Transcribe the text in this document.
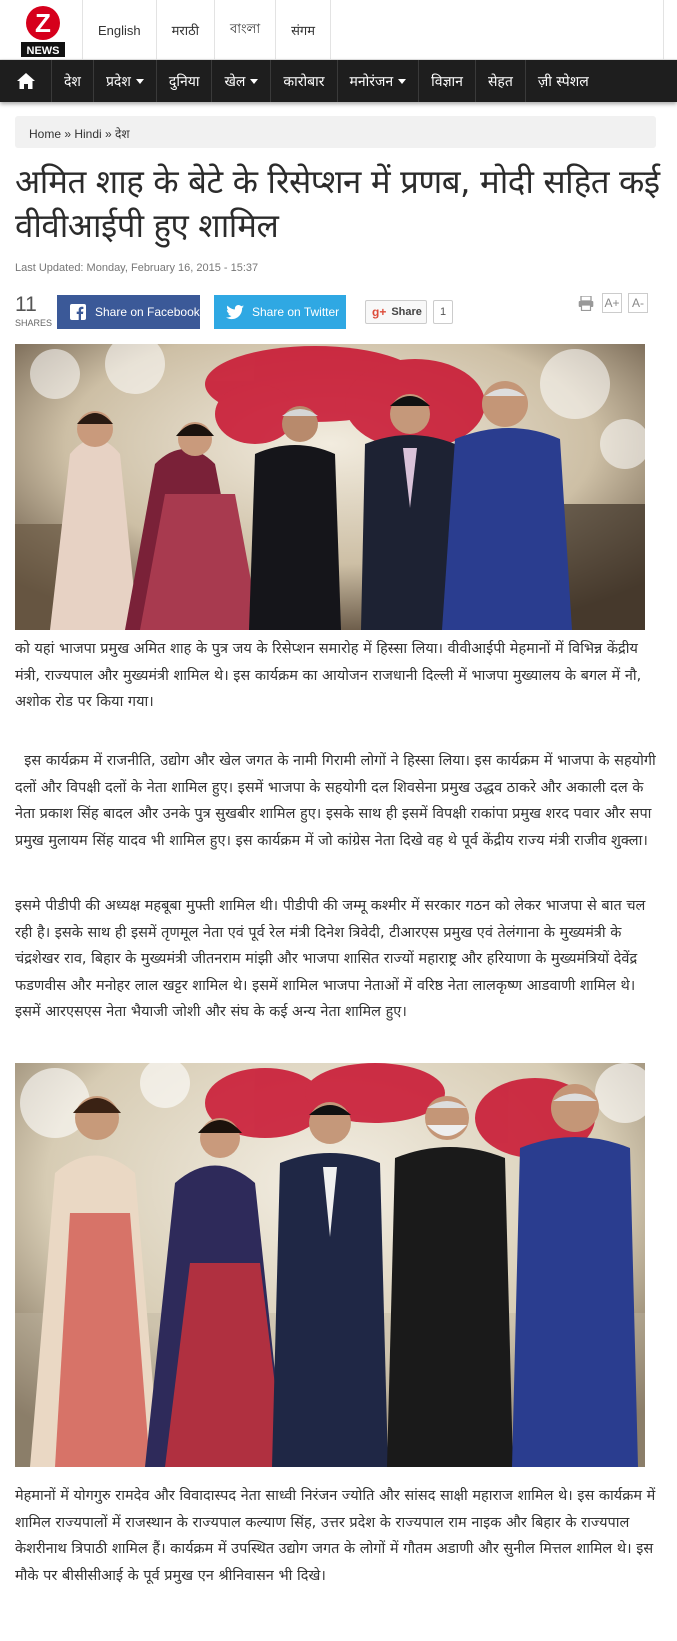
Z
NEWS
English	मराठी	বাংলা	संगम
देश प्रदेश	दुनिया खेल	कारोबार मनोरंजन	विज्ञान सेहत ज़ी स्पेशल
Home » Hindi » देश
अमित शाह के बेटे के रिसेप्शन में प्रणब, मोदी सहित कई वीवीआईपी हुए शामिल
Last Updated: Monday, February 16, 2015 - 15:37
11
SHARES
Share on Facebook	Share on Twitter	g+ Share	1
A+	A-

को यहां भाजपा प्रमुख अमित शाह के पुत्र जय के रिसेप्शन समारोह में हिस्सा लिया। वीवीआईपी मेहमानों में विभिन्न केंद्रीय मंत्री, राज्यपाल और मुख्यमंत्री शामिल थे। इस कार्यक्रम का आयोजन राजधानी दिल्ली में भाजपा मुख्यालय के बगल में नौ, अशोक रोड पर किया गया।

इस कार्यक्रम में राजनीति, उद्योग और खेल जगत के नामी गिरामी लोगों ने हिस्सा लिया। इस कार्यक्रम में भाजपा के सहयोगी दलों और विपक्षी दलों के नेता शामिल हुए। इसमें भाजपा के सहयोगी दल शिवसेना प्रमुख उद्धव ठाकरे और अकाली दल के नेता प्रकाश सिंह बादल और उनके पुत्र सुखबीर शामिल हुए। इसके साथ ही इसमें विपक्षी राकांपा प्रमुख शरद पवार और सपा प्रमुख मुलायम सिंह यादव भी शामिल हुए। इस कार्यक्रम में जो कांग्रेस नेता दिखे वह थे पूर्व केंद्रीय राज्य मंत्री राजीव शुक्ला।

इसमे पीडीपी की अध्यक्ष महबूबा मुफ्ती शामिल थी। पीडीपी की जम्मू कश्मीर में सरकार गठन को लेकर भाजपा से बात चल रही है। इसके साथ ही इसमें तृणमूल नेता एवं पूर्व रेल मंत्री दिनेश त्रिवेदी, टीआरएस प्रमुख एवं तेलंगाना के मुख्यमंत्री के चंद्रशेखर राव, बिहार के मुख्यमंत्री जीतनराम मांझी और भाजपा शासित राज्यों महाराष्ट्र और हरियाणा के मुख्यमंत्रियों देवेंद्र फडणवीस और मनोहर लाल खट्टर शामिल थे। इसमें शामिल भाजपा नेताओं में वरिष्ठ नेता लालकृष्ण आडवाणी शामिल थे। इसमें आरएसएस नेता भैयाजी जोशी और संघ के कई अन्य नेता शामिल हुए।

मेहमानों में योगगुरु रामदेव और विवादास्पद नेता साध्वी निरंजन ज्योति और सांसद साक्षी महाराज शामिल थे। इस कार्यक्रम में शामिल राज्यपालों में राजस्थान के राज्यपाल कल्याण सिंह, उत्तर प्रदेश के राज्यपाल राम नाइक और बिहार के राज्यपाल केशरीनाथ त्रिपाठी शामिल हैं। कार्यक्रम में उपस्थित उद्योग जगत के लोगों में गौतम अडाणी और सुनील मित्तल शामिल थे। इस मौके पर बीसीसीआई के पूर्व प्रमुख एन श्रीनिवासन भी दिखे।
